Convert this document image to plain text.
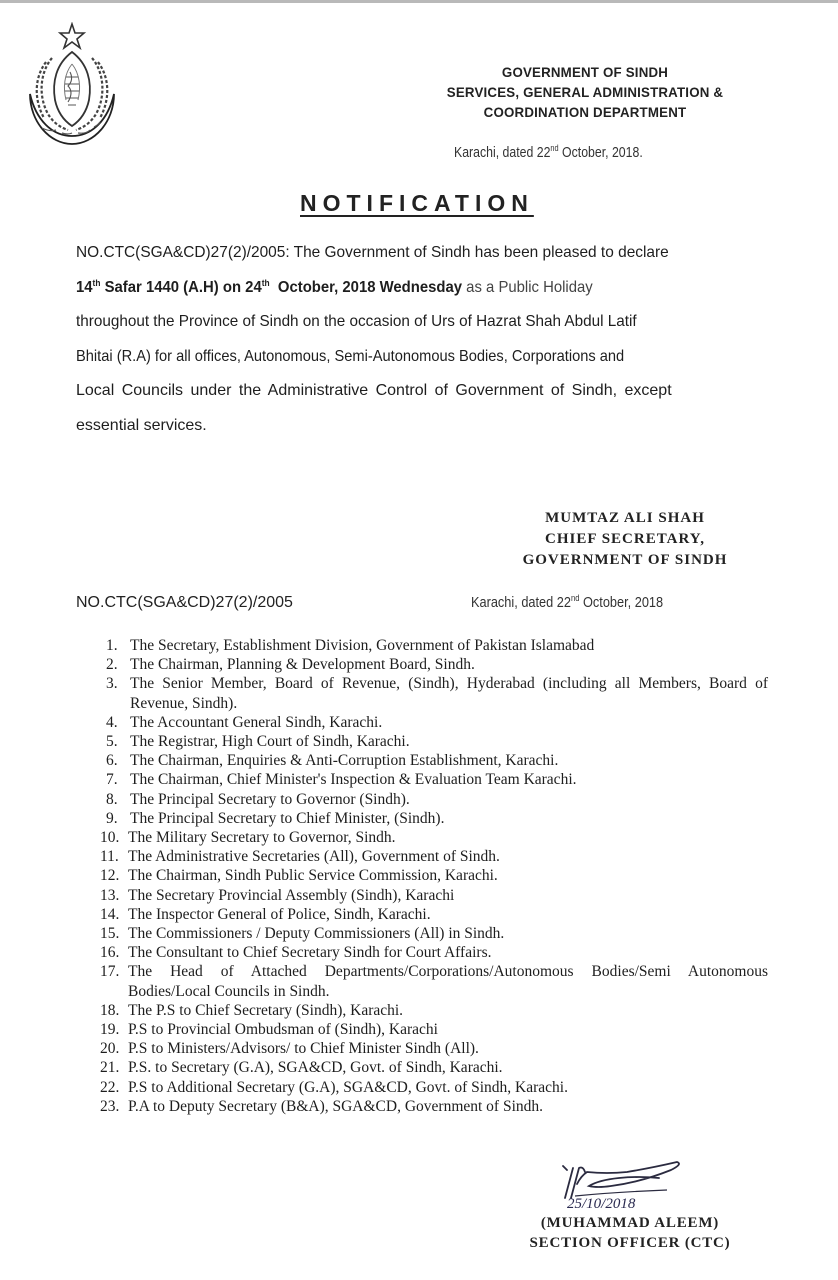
GOVERNMENT OF SINDH
SERVICES, GENERAL ADMINISTRATION &
COORDINATION DEPARTMENT
Karachi, dated 22nd October, 2018.
NOTIFICATION
NO.CTC(SGA&CD)27(2)/2005: The Government of Sindh has been pleased to declare
14th Safar 1440 (A.H) on 24th  October, 2018 Wednesday as a Public Holiday
throughout the Province of Sindh on the occasion of Urs of Hazrat Shah Abdul Latif
Bhitai (R.A) for all offices, Autonomous, Semi-Autonomous Bodies, Corporations and
Local Councils under the Administrative Control of Government of Sindh, except
essential services.
MUMTAZ ALI SHAH
CHIEF SECRETARY,
GOVERNMENT OF SINDH
NO.CTC(SGA&CD)27(2)/2005	Karachi, dated 22nd October, 2018
1. The Secretary, Establishment Division, Government of Pakistan Islamabad
2. The Chairman, Planning & Development Board, Sindh.
3. The Senior Member, Board of Revenue, (Sindh), Hyderabad (including all Members, Board of Revenue, Sindh).
4. The Accountant General Sindh, Karachi.
5. The Registrar, High Court of Sindh, Karachi.
6. The Chairman, Enquiries & Anti-Corruption Establishment, Karachi.
7. The Chairman, Chief Minister's Inspection & Evaluation Team Karachi.
8. The Principal Secretary to Governor (Sindh).
9. The Principal Secretary to Chief Minister, (Sindh).
10. The Military Secretary to Governor, Sindh.
11. The Administrative Secretaries (All), Government of Sindh.
12. The Chairman, Sindh Public Service Commission, Karachi.
13. The Secretary Provincial Assembly (Sindh), Karachi
14. The Inspector General of Police, Sindh, Karachi.
15. The Commissioners / Deputy Commissioners (All) in Sindh.
16. The Consultant to Chief Secretary Sindh for Court Affairs.
17. The Head of Attached Departments/Corporations/Autonomous Bodies/Semi Autonomous Bodies/Local Councils in Sindh.
18. The P.S to Chief Secretary (Sindh), Karachi.
19. P.S to Provincial Ombudsman of (Sindh), Karachi
20. P.S to Ministers/Advisors/ to Chief Minister Sindh (All).
21. P.S. to Secretary (G.A), SGA&CD, Govt. of Sindh, Karachi.
22. P.S to Additional Secretary (G.A), SGA&CD, Govt. of Sindh, Karachi.
23. P.A to Deputy Secretary (B&A), SGA&CD, Government of Sindh.
25/10/2018
(MUHAMMAD ALEEM)
SECTION OFFICER (CTC)
